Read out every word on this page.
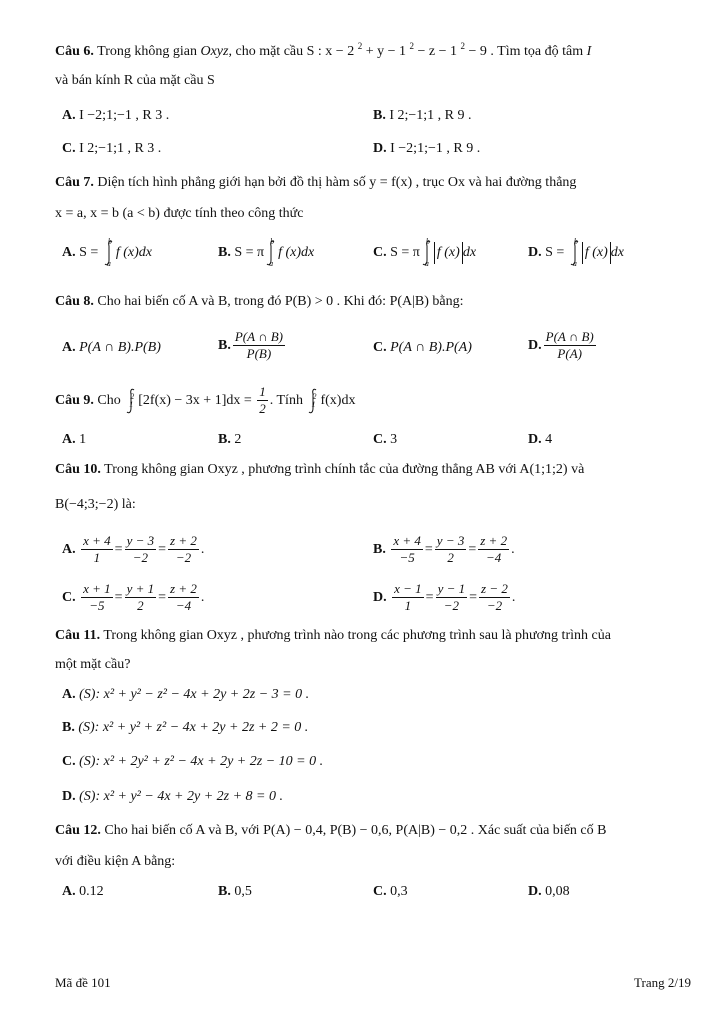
Câu 6. Trong không gian Oxyz, cho mặt cầu S : x − 2 $^2$ + y − 1 $^2$ − z − 1 $^2$ − 9 . Tìm tọa độ tâm I
và bán kính R của mặt cầu S
A. I −2;1;−1 , R 3 .	B. I 2;−1;1 , R 9 .
C. I 2;−1;1 , R 3 .	D. I −2;1;−1 , R 9 .
Câu 7. Diện tích hình phẳng giới hạn bởi đồ thị hàm số y = f(x) , trục Ox và hai đường thẳng
x = a, x = b (a < b) được tính theo công thức
A. S =
b
a
f (x)dx	B. S = π
b
a
f (x)dx	C. S = π
b
a
f (x) dx	D. S =
b
a
f (x) dx
Câu 8. Cho hai biến cố A và B, trong đó P(B) > 0 . Khi đó: P(A|B) bằng:
A. P(A ∩ B).P(B)	B. $\frac{P(A \cap B)}{P(B)}$	C. P(A ∩ B).P(A)	D. $\frac{P(A \cap B)}{P(A)}$
Câu 9. Cho 2
1 $[2f(x) - 3x + 1]dx = \frac{1}{2}$ . Tính 2
1 f(x)dx
A. 1	B. 2	C. 3	D. 4
Câu 10. Trong không gian Oxyz , phương trình chính tắc của đường thẳng AB với A(1;1;2) và
B(−4;3;−2) là:
A. $\frac{x + 4}{1} = \frac{y - 3}{-2} = \frac{z + 2}{-2}$ .	B. $\frac{x + 4}{-5} = \frac{y - 3}{2} = \frac{z + 2}{-4}$ .
C. $\frac{x + 1}{-5} = \frac{y + 1}{2} = \frac{z + 2}{-4}$ .	D. $\frac{x - 1}{1} = \frac{y - 1}{-2} = \frac{z - 2}{-2}$ .
Câu 11. Trong không gian Oxyz , phương trình nào trong các phương trình sau là phương trình của
một mặt cầu?
A. (S): x² + y² − z² − 4x + 2y + 2z − 3 = 0 .
B. (S): x² + y² + z² − 4x + 2y + 2z + 2 = 0 .
C. (S): x² + 2y² + z² − 4x + 2y + 2z − 10 = 0 .
D. (S): x² + y² − 4x + 2y + 2z + 8 = 0 .
Câu 12. Cho hai biến cố A và B, với P(A) − 0,4, P(B) − 0,6, P(A|B) − 0,2 . Xác suất của biến cố B
với điều kiện A bằng:
A. 0.12	B. 0,5	C. 0,3	D. 0,08
Mã đề 101	Trang 2/19
